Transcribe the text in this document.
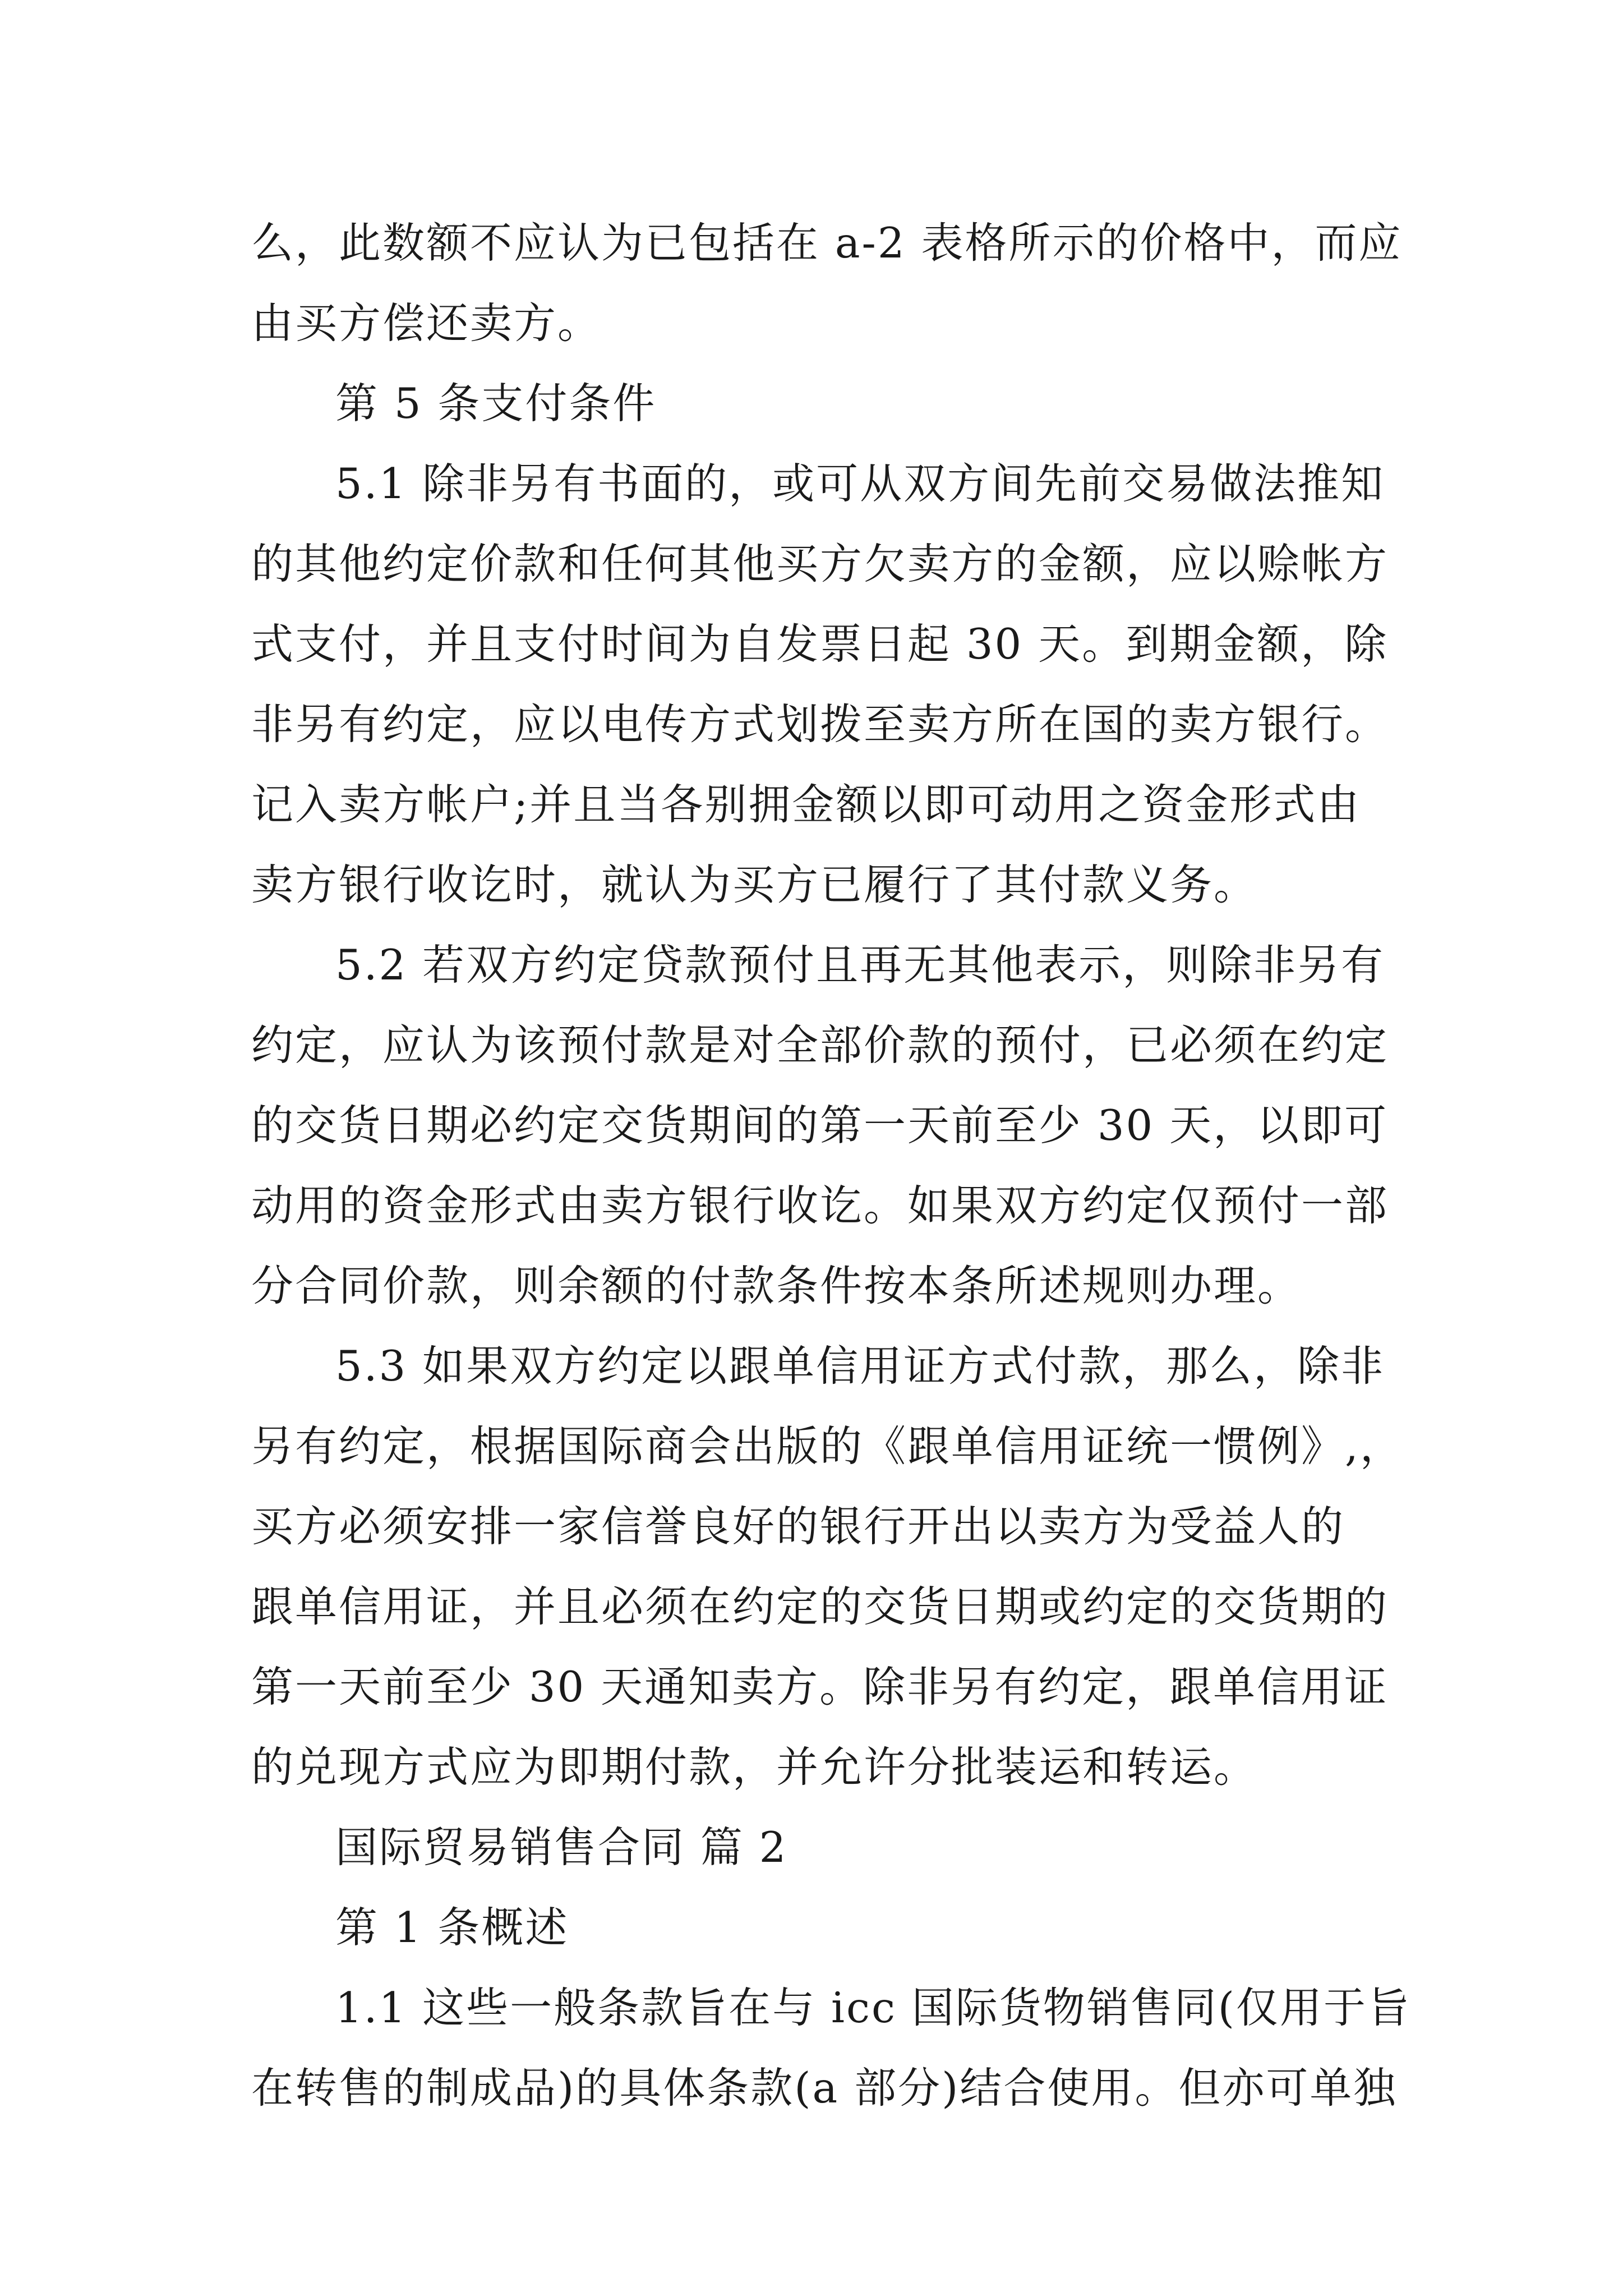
么，此数额不应认为已包括在 a-2 表格所示的价格中，而应
由买方偿还卖方。
第 5 条支付条件
5.1 除非另有书面的，或可从双方间先前交易做法推知
的其他约定价款和任何其他买方欠卖方的金额，应以赊帐方
式支付，并且支付时间为自发票日起 30 天。到期金额，除
非另有约定，应以电传方式划拨至卖方所在国的卖方银行。
记入卖方帐户;并且当各别拥金额以即可动用之资金形式由
卖方银行收讫时，就认为买方已履行了其付款义务。
5.2 若双方约定贷款预付且再无其他表示，则除非另有
约定，应认为该预付款是对全部价款的预付，已必须在约定
的交货日期必约定交货期间的第一天前至少 30 天，以即可
动用的资金形式由卖方银行收讫。如果双方约定仅预付一部
分合同价款，则余额的付款条件按本条所述规则办理。
5.3 如果双方约定以跟单信用证方式付款，那么，除非
另有约定，根据国际商会出版的《跟单信用证统一惯例》,，
买方必须安排一家信誉良好的银行开出以卖方为受益人的
跟单信用证，并且必须在约定的交货日期或约定的交货期的
第一天前至少 30 天通知卖方。除非另有约定，跟单信用证
的兑现方式应为即期付款，并允许分批装运和转运。
国际贸易销售合同 篇 2
第 1 条概述
1.1 这些一般条款旨在与 icc 国际货物销售同(仅用于旨
在转售的制成品)的具体条款(a 部分)结合使用。但亦可单独
